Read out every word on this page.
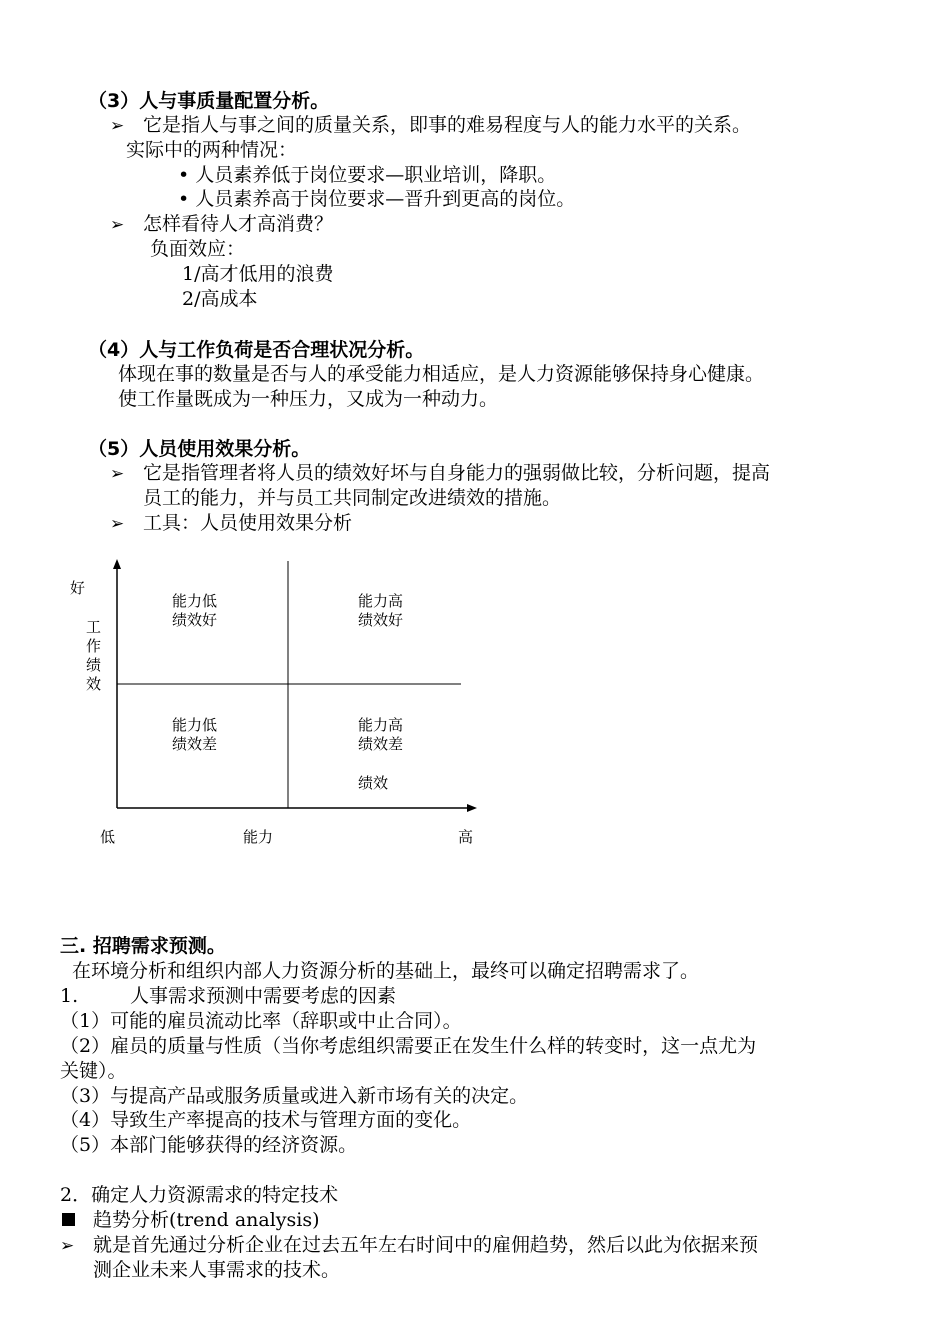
（3）人与事质量配置分析。
➢ 它是指人与事之间的质量关系，即事的难易程度与人的能力水平的关系。
实际中的两种情况：
• 人员素养低于岗位要求—职业培训，降职。
• 人员素养高于岗位要求—晋升到更高的岗位。
➢ 怎样看待人才高消费？
负面效应：
1/高才低用的浪费
2/高成本
（4）人与工作负荷是否合理状况分析。
体现在事的数量是否与人的承受能力相适应，是人力资源能够保持身心健康。
使工作量既成为一种压力，又成为一种动力。
（5）人员使用效果分析。
➢ 它是指管理者将人员的绩效好坏与自身能力的强弱做比较，分析问题，提高
员工的能力，并与员工共同制定改进绩效的措施。
➢ 工具：人员使用效果分析
好
工
作
绩
效
能力低
绩效好
能力高
绩效好
能力低
绩效差
能力高
绩效差
绩效
低	能力	高
三. 招聘需求预测。
在环境分析和组织内部人力资源分析的基础上，最终可以确定招聘需求了。
1.	人事需求预测中需要考虑的因素
（1）可能的雇员流动比率（辞职或中止合同）。
（2）雇员的质量与性质（当你考虑组织需要正在发生什么样的转变时，这一点尤为
关键）。
（3）与提高产品或服务质量或进入新市场有关的决定。
（4）导致生产率提高的技术与管理方面的变化。
（5）本部门能够获得的经济资源。
2．确定人力资源需求的特定技术
趋势分析(trend analysis)
➢ 就是首先通过分析企业在过去五年左右时间中的雇佣趋势，然后以此为依据来预
测企业未来人事需求的技术。
